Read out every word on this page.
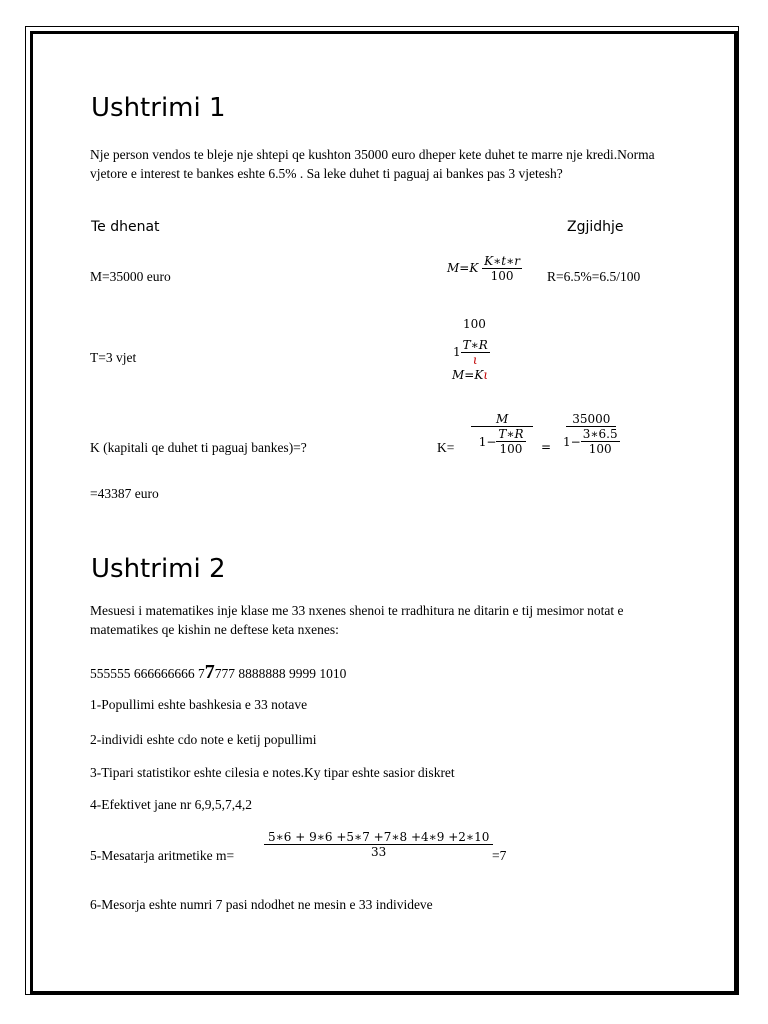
Ushtrimi 1
Nje person vendos te bleje nje shtepi qe kushton 35000 euro dheper kete duhet te marre nje kredi.Norma vjetore e interest te bankes eshte 6.5% . Sa leke duhet ti paguaj ai bankes pas 3 vjetesh?
Te dhenat	Zgjidhje
M=35000 euro
$M=K \frac{K∗t∗r}{100} R=6.5\%=6.5/100$
100
$1 \frac{T∗R}{\iota}$
M=Kι
T=3 vjet
K (kapitali qe duhet ti paguaj bankes)=?	$K= \frac{M}{1- \frac{T∗R}{100}} = \frac{35000}{1- \frac{3∗6.5}{100}}$
=43387 euro
Ushtrimi 2
Mesuesi i matematikes inje klase me 33 nxenes shenoi te rradhitura ne ditarin e tij mesimor notat e matematikes qe kishin ne deftese keta nxenes:
555555 666666666 77777 8888888 9999 1010
1-Popullimi eshte bashkesia e 33 notave
2-individi eshte cdo note e ketij popullimi
3-Tipari statistikor eshte cilesia e notes.Ky tipar eshte sasior diskret
4-Efektivet jane nr 6,9,5,7,4,2
5-Mesatarja aritmetike $m= \frac{5∗6 + 9∗6 +5∗7 +7∗8 +4∗9 +2∗10}{33}$
=7
6-Mesorja eshte numri 7 pasi ndodhet ne mesin e 33 individeve
